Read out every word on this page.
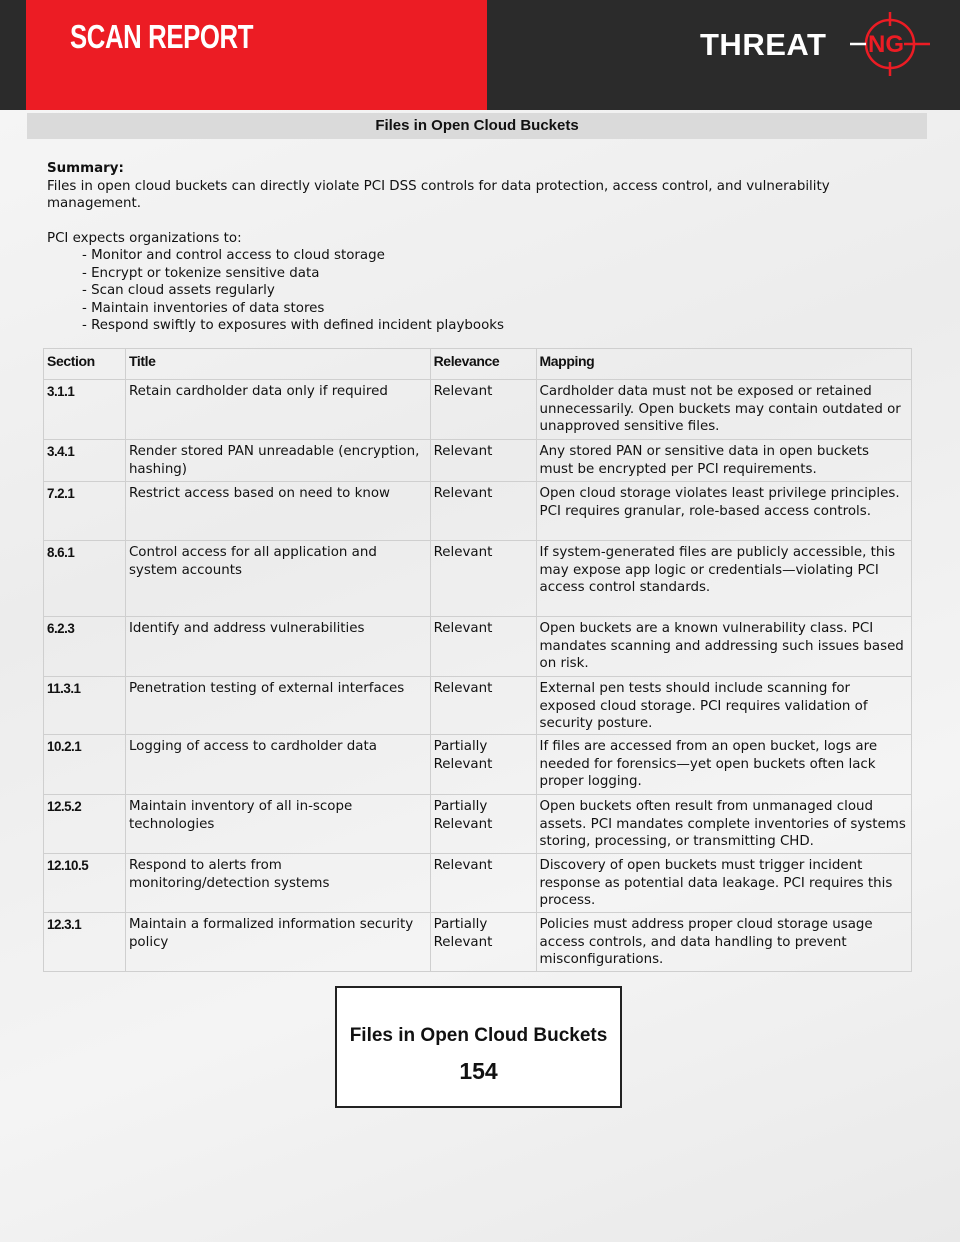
SCAN REPORT	THREAT NG
Files in Open Cloud Buckets
Summary:
Files in open cloud buckets can directly violate PCI DSS controls for data protection, access control, and vulnerability
management.
PCI expects organizations to:
- Monitor and control access to cloud storage
- Encrypt or tokenize sensitive data
- Scan cloud assets regularly
- Maintain inventories of data stores
- Respond swiftly to exposures with defined incident playbooks
Section	Title	Relevance	Mapping
3.1.1	Retain cardholder data only if required	Relevant	Cardholder data must not be exposed or retained unnecessarily. Open buckets may contain outdated or unapproved sensitive files.
3.4.1	Render stored PAN unreadable (encryption, hashing)	Relevant	Any stored PAN or sensitive data in open buckets must be encrypted per PCI requirements.
7.2.1	Restrict access based on need to know	Relevant	Open cloud storage violates least privilege principles. PCI requires granular, role-based access controls.
8.6.1	Control access for all application and system accounts	Relevant	If system-generated files are publicly accessible, this may expose app logic or credentials—violating PCI access control standards.
6.2.3	Identify and address vulnerabilities	Relevant	Open buckets are a known vulnerability class. PCI mandates scanning and addressing such issues based on risk.
11.3.1	Penetration testing of external interfaces	Relevant	External pen tests should include scanning for exposed cloud storage. PCI requires validation of security posture.
10.2.1	Logging of access to cardholder data	Partially Relevant	If files are accessed from an open bucket, logs are needed for forensics—yet open buckets often lack proper logging.
12.5.2	Maintain inventory of all in-scope technologies	Partially Relevant	Open buckets often result from unmanaged cloud assets. PCI mandates complete inventories of systems storing, processing, or transmitting CHD.
12.10.5	Respond to alerts from monitoring/detection systems	Relevant	Discovery of open buckets must trigger incident response as potential data leakage. PCI requires this process.
12.3.1	Maintain a formalized information security policy	Partially Relevant	Policies must address proper cloud storage usage access controls, and data handling to prevent misconfigurations.
Files in Open Cloud Buckets
154
